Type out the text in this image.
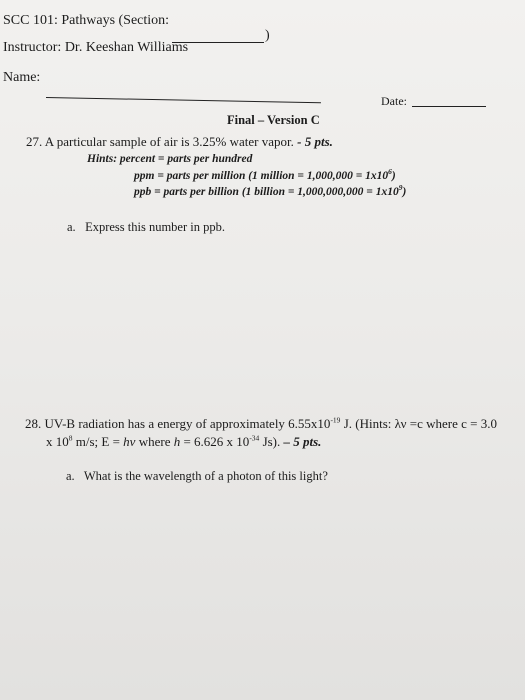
SCC 101: Pathways (Section:
)
Instructor: Dr. Keeshan Williams
Name:
Date:
Final – Version C
27. A particular sample of air is 3.25% water vapor. - 5 pts.
Hints: percent = parts per hundred
ppm = parts per million (1 million = $1,000,000 = 1x10^6$)
ppb = parts per billion (1 billion = $1,000,000,000 = 1x10^9$)
a. Express this number in ppb.
28. UV-B radiation has a energy of approximately $6.55x10^{-19}$ J. (Hints: λν =c where c = 3.0
x $10^8$ m/s; E = hν where h = 6.626 x $10^{-34}$ Js). – 5 pts.
a. What is the wavelength of a photon of this light?
